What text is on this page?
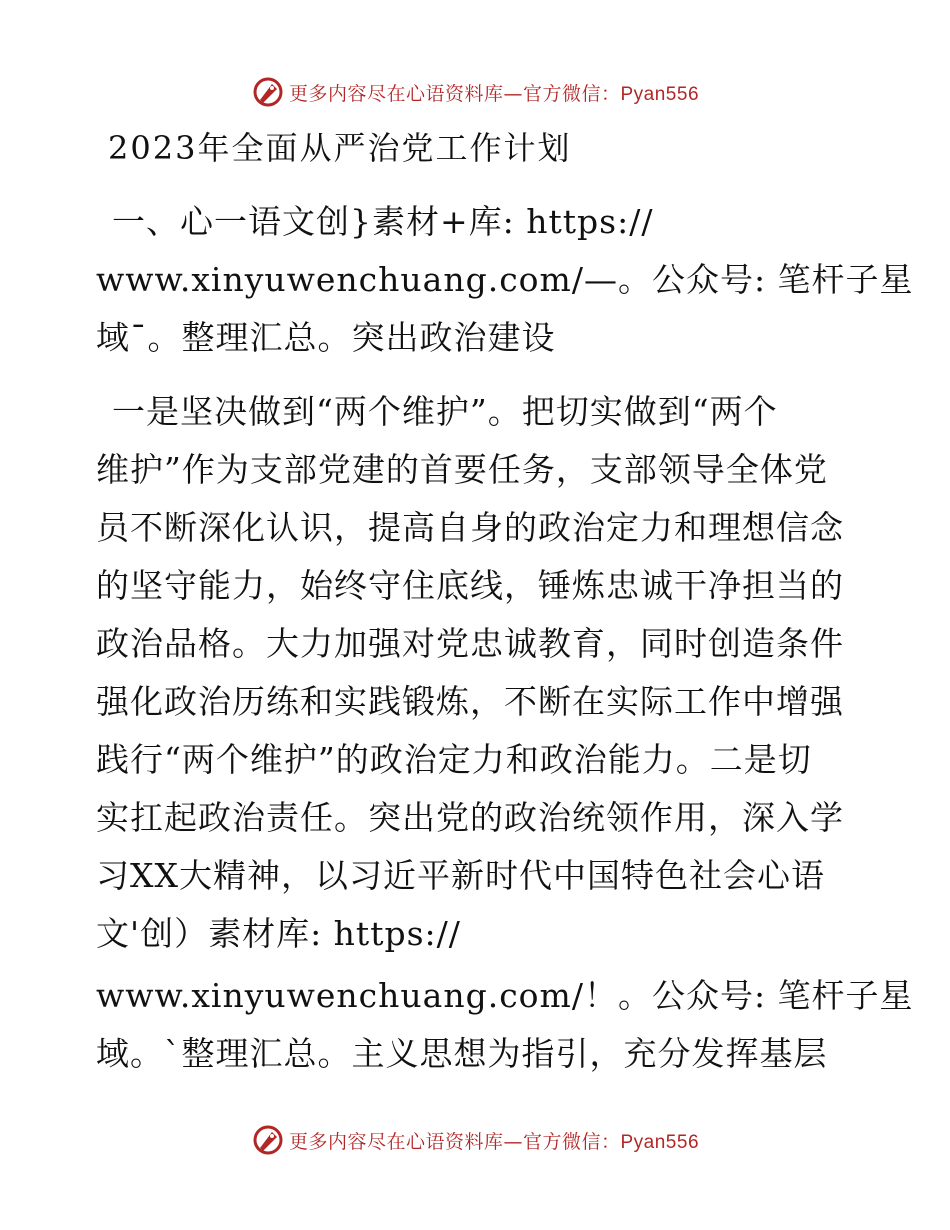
更多内容尽在心语资料库—官方微信：Pyan556
2023年全面从严治党工作计划
一、心一语文创}素材+库: https://
www.xinyuwenchuang.com/—。公众号: 笔杆子星
域¯。整理汇总。突出政治建设
一是坚决做到“两个维护”。把切实做到“两个
维护”作为支部党建的首要任务，支部领导全体党
员不断深化认识，提高自身的政治定力和理想信念
的坚守能力，始终守住底线，锤炼忠诚干净担当的
政治品格。大力加强对党忠诚教育，同时创造条件
强化政治历练和实践锻炼，不断在实际工作中增强
践行“两个维护”的政治定力和政治能力。二是切
实扛起政治责任。突出党的政治统领作用，深入学
习XX大精神，以习近平新时代中国特色社会心语
文'创）素材库: https://
www.xinyuwenchuang.com/！。公众号: 笔杆子星
域。`整理汇总。主义思想为指引，充分发挥基层
更多内容尽在心语资料库—官方微信：Pyan556
